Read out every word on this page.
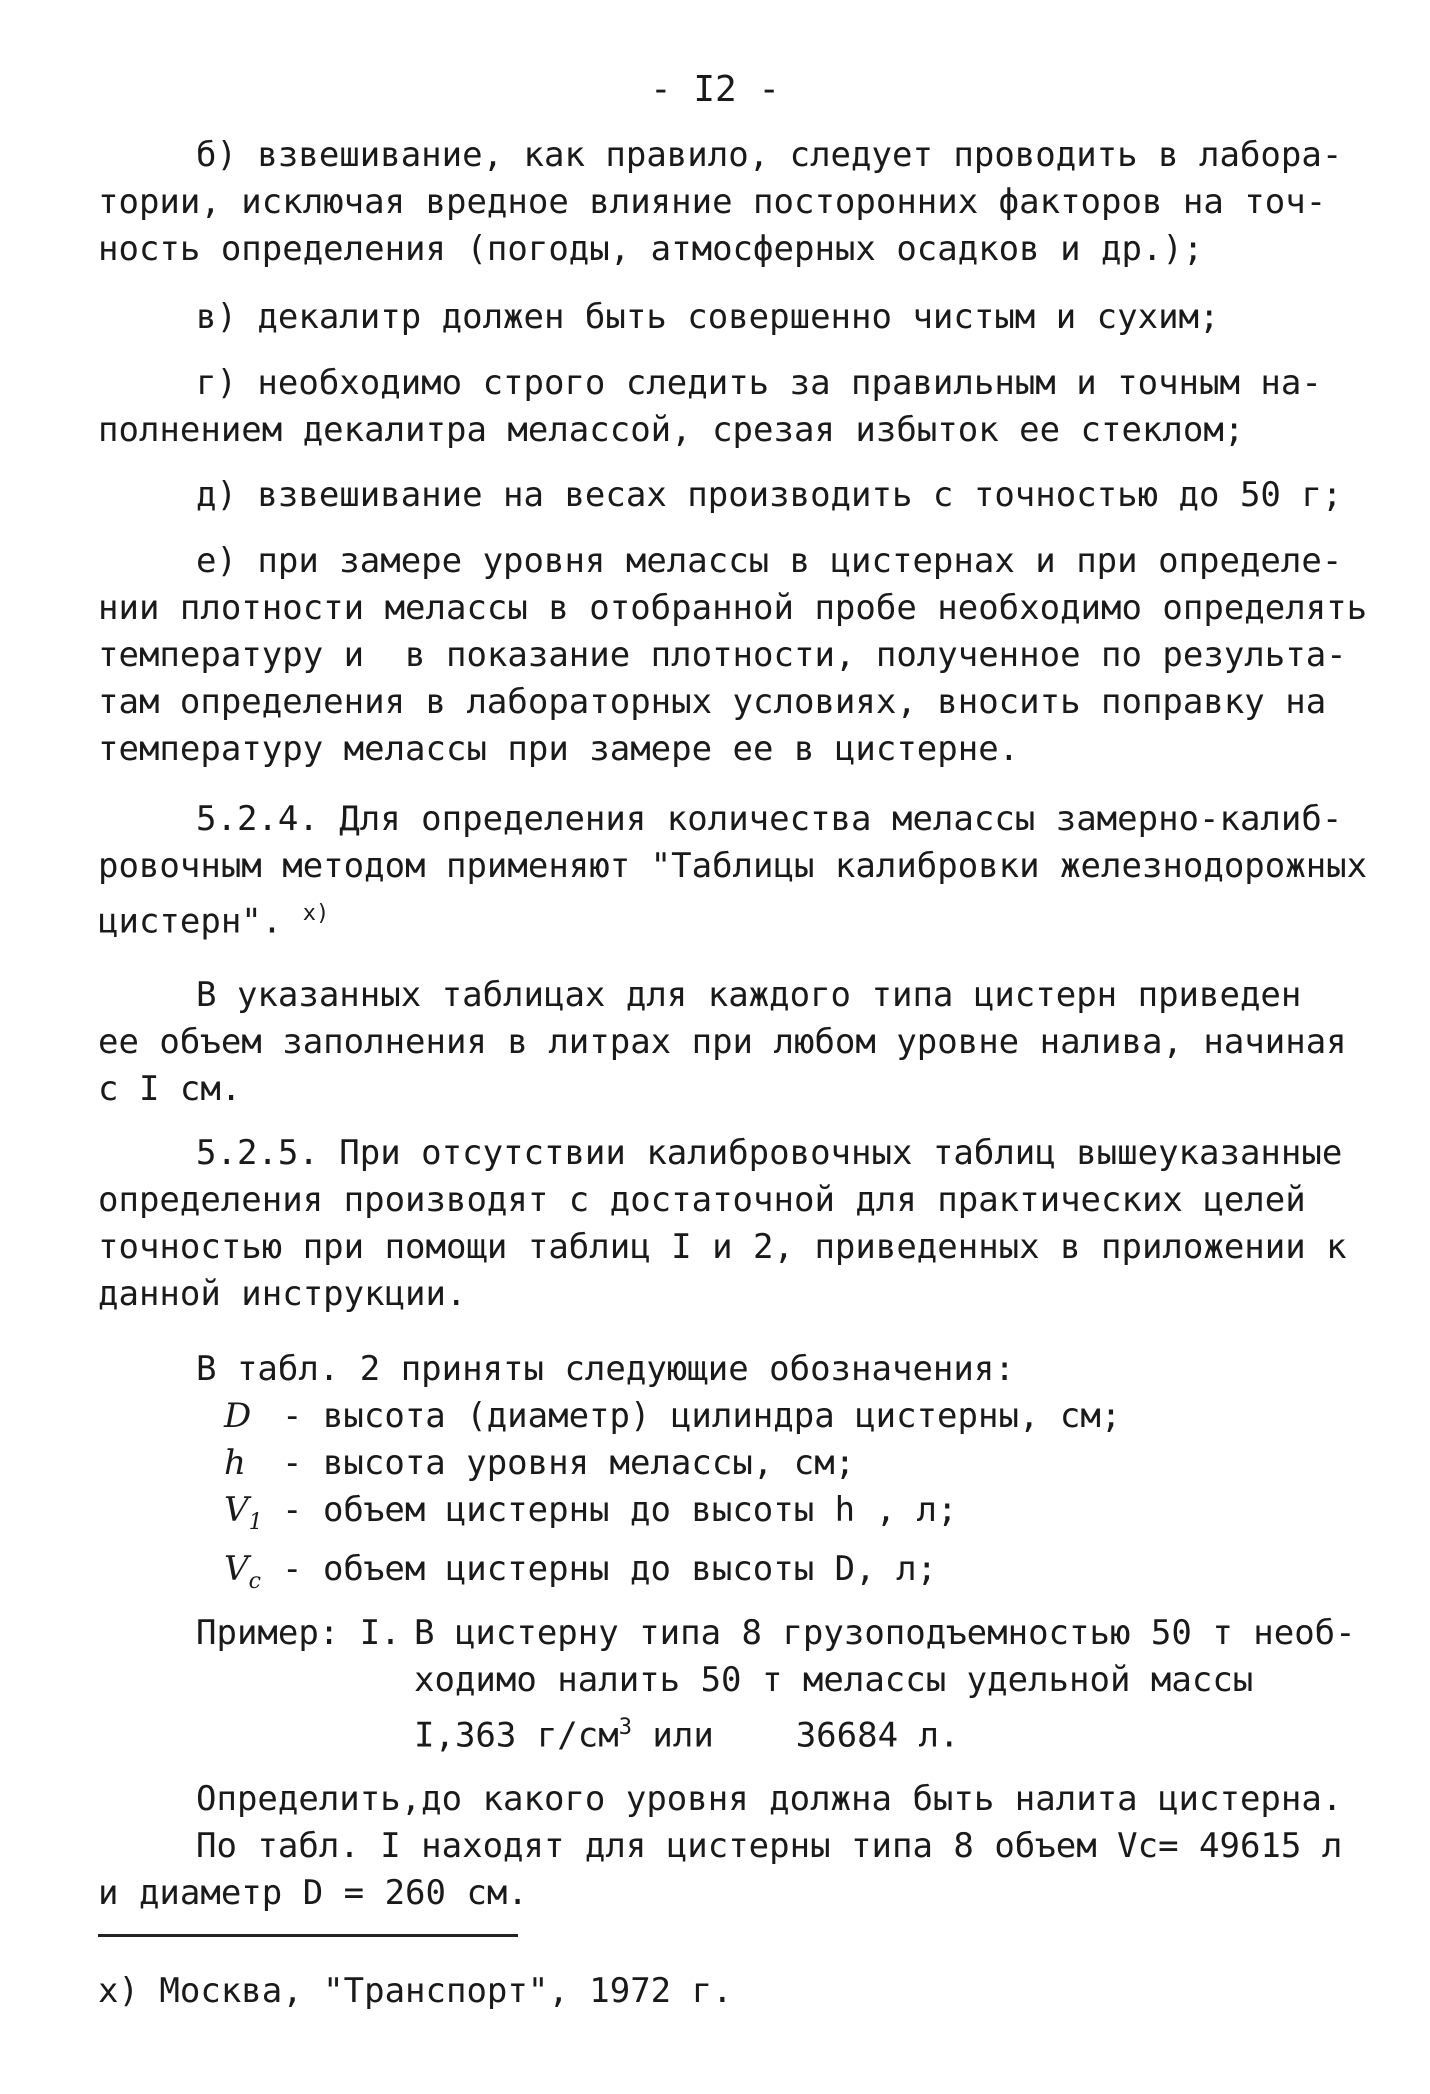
- I2 -
б) взвешивание, как правило, следует проводить в лабора-
тории, исключая вредное влияние посторонних факторов на точ-
ность определения (погоды, атмосферных осадков и др.);
в) декалитр должен быть совершенно чистым и сухим;
г) необходимо строго следить за правильным и точным на-
полнением декалитра мелассой, срезая избыток ее стеклом;
д) взвешивание на весах производить с точностью до 50 г;
е) при замере уровня мелассы в цистернах и при определе-
нии плотности мелассы в отобранной пробе необходимо определять
температуру и  в показание плотности, полученное по результа-
там определения в лабораторных условиях, вносить поправку на
температуру мелассы при замере ее в цистерне.
5.2.4. Для определения количества мелассы замерно-калиб-
ровочным методом применяют "Таблицы калибровки железнодорожных
цистерн". $^{x)}$
В указанных таблицах для каждого типа цистерн приведен
ее объем заполнения в литрах при любом уровне налива, начиная
с I см.
5.2.5. При отсутствии калибровочных таблиц вышеуказанные
определения производят с достаточной для практических целей
точностью при помощи таблиц I и 2, приведенных в приложении к
данной инструкции.
В табл. 2 приняты следующие обозначения:
D - высота (диаметр) цилиндра цистерны, см;
h - высота уровня мелассы, см;
$V_1$ - объем цистерны до высоты h , л;
$V_c$ - объем цистерны до высоты D, л;
Пример: I. В цистерну типа 8 грузоподъемностью 50 т необ-
ходимо налить 50 т мелассы удельной массы
I,363 $г/см^3$ или    36684 л.
Определить,до какого уровня должна быть налита цистерна.
По табл. I находят для цистерны типа 8 объем Vс= 49615 л
и диаметр D = 260 см.
x) Москва, "Транспорт", 1972 г.
